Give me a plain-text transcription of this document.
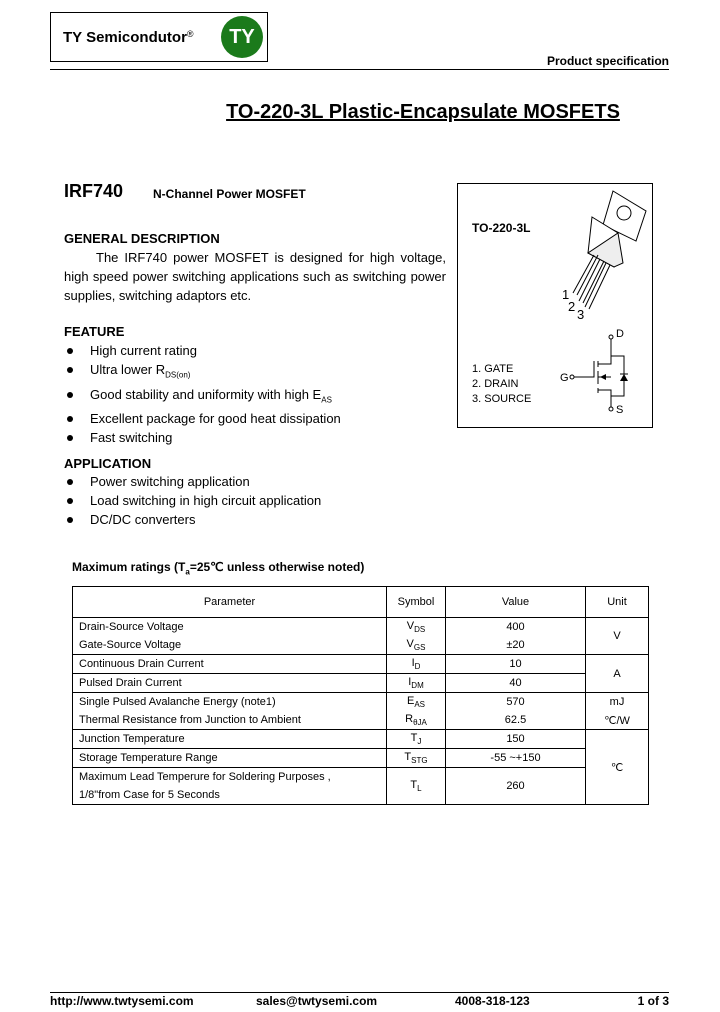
TY Semicondutor®	TY
Product specification
TO-220-3L Plastic-Encapsulate MOSFETS
IRF740 N-Channel Power MOSFET
GENERAL DESCRIPTION
The IRF740 power MOSFET is designed for high voltage, high speed power switching applications such as switching power supplies, switching adaptors etc.
FEATURE
High current rating
Ultra lower $R_{DS(on)}$
Good stability and uniformity with high $E_{AS}$
Excellent package for good heat dissipation
Fast switching
APPLICATION
Power switching application
Load switching in high circuit application
DC/DC converters
TO-220-3L
1
2
3
1. GATE
2. DRAIN
3. SOURCE
G
D
S
Maximum ratings ($T_a=25℃$ unless otherwise noted)
Parameter	Symbol	Value	Unit
Drain-Source Voltage	$V_{DS}$	400	V
Gate-Source Voltage	$V_{GS}$	±20	
Continuous Drain Current	$I_D$	10	A
Pulsed Drain Current	$I_{DM}$	40	
Single Pulsed Avalanche Energy (note1)	$E_{AS}$	570	mJ
Thermal Resistance from Junction to Ambient	$R_{\theta JA}$	62.5	℃/W
Junction Temperature	$T_J$	150	℃
Storage Temperature Range	$T_{STG}$	-55 ~+150	

Maximum Lead Temperure for Soldering Purposes ,
1/8"from Case for 5 Seconds	$T_L$	260	
http://www.twtysemi.com	sales@twtysemi.com	4008-318-123	1 of 3
